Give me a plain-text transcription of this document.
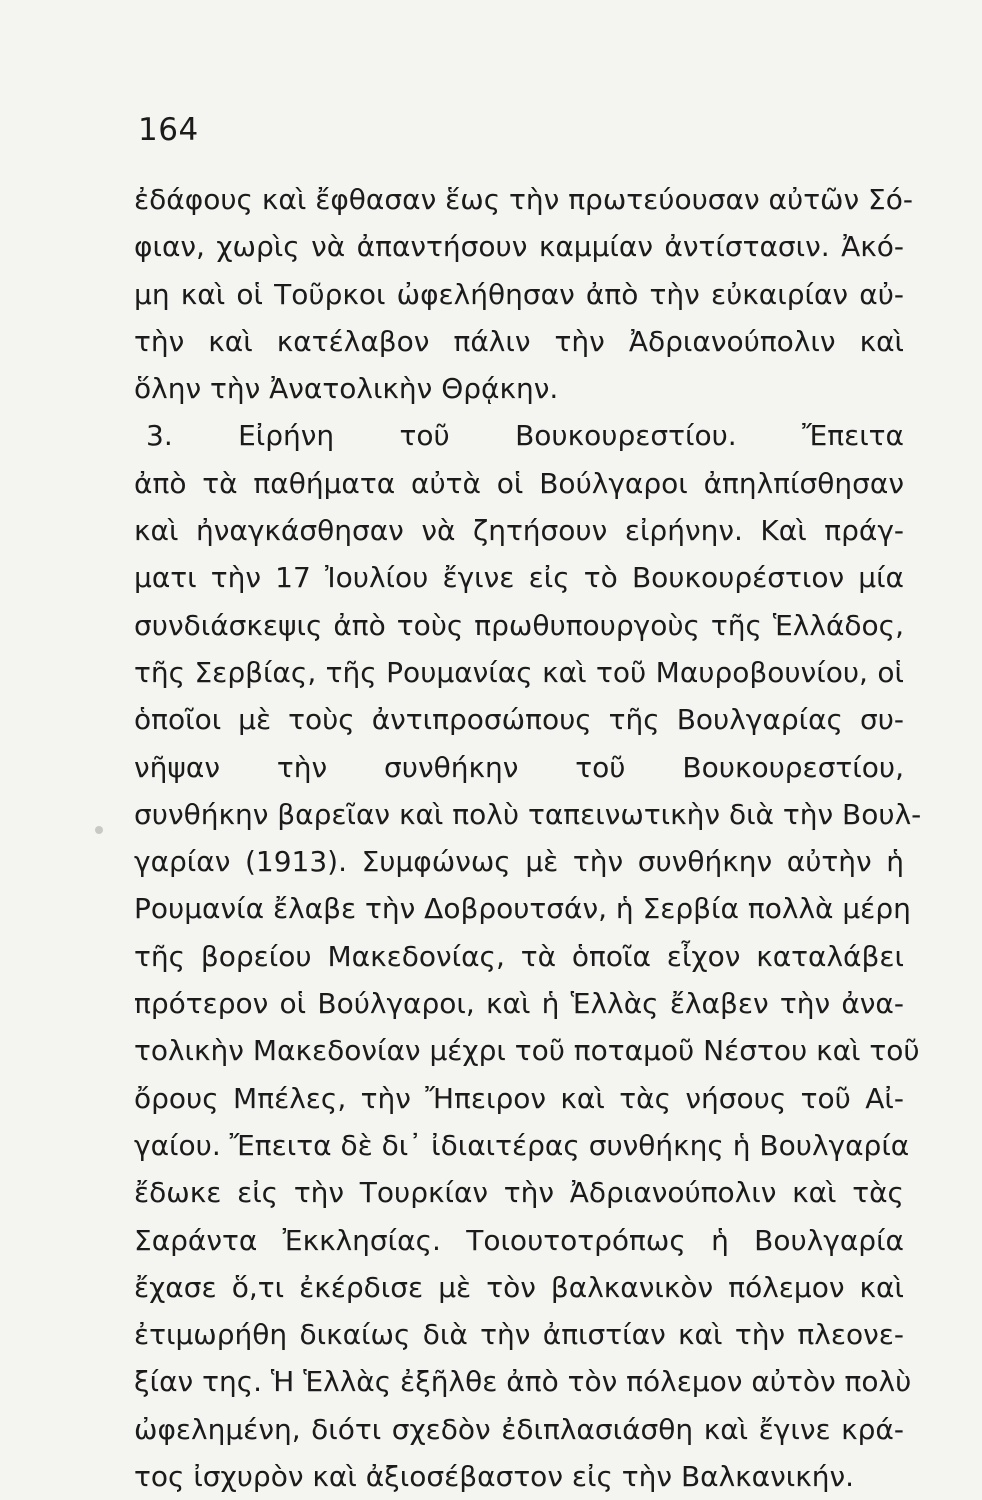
164
ἐδάφους καὶ ἔφθασαν ἕως τὴν πρωτεύουσαν αὐτῶν Σό-
φιαν, χωρὶς νὰ ἀπαντήσουν καμμίαν ἀντίστασιν. Ἀκό-
μη καὶ οἱ Τοῦρκοι ὠφελήθησαν ἀπὸ τὴν εὐκαιρίαν αὐ-
τὴν καὶ κατέλαβον πάλιν τὴν Ἀδριανούπολιν καὶ
ὅλην τὴν Ἀνατολικὴν Θρᾴκην.
3. Εἰρήνη τοῦ Βουκουρεστίου. Ἔπειτα
ἀπὸ τὰ παθήματα αὐτὰ οἱ Βούλγαροι ἀπηλπίσθησαν
καὶ ἠναγκάσθησαν νὰ ζητήσουν εἰρήνην. Καὶ πράγ-
ματι τὴν 17 Ἰουλίου ἔγινε εἰς τὸ Βουκουρέστιον μία
συνδιάσκεψις ἀπὸ τοὺς πρωθυπουργοὺς τῆς Ἑλλάδος,
τῆς Σερβίας, τῆς Ρουμανίας καὶ τοῦ Μαυροβουνίου, οἱ
ὁποῖοι μὲ τοὺς ἀντιπροσώπους τῆς Βουλγαρίας συ-
νῆψαν τὴν συνθήκην τοῦ Βουκουρεστίου,
συνθήκην βαρεῖαν καὶ πολὺ ταπεινωτικὴν διὰ τὴν Βουλ-
γαρίαν (1913). Συμφώνως μὲ τὴν συνθήκην αὐτὴν ἡ
Ρουμανία ἔλαβε τὴν Δοβρουτσάν, ἡ Σερβία πολλὰ μέρη
τῆς βορείου Μακεδονίας, τὰ ὁποῖα εἶχον καταλάβει
πρότερον οἱ Βούλγαροι, καὶ ἡ Ἑλλὰς ἔλαβεν τὴν ἀνα-
τολικὴν Μακεδονίαν μέχρι τοῦ ποταμοῦ Νέστου καὶ τοῦ
ὄρους Μπέλες, τὴν Ἤπειρον καὶ τὰς νήσους τοῦ Αἰ-
γαίου. Ἔπειτα δὲ δι᾽ ἰδιαιτέρας συνθήκης ἡ Βουλγαρία
ἔδωκε εἰς τὴν Τουρκίαν τὴν Ἀδριανούπολιν καὶ τὰς
Σαράντα Ἐκκλησίας. Τοιουτοτρόπως ἡ Βουλγαρία
ἔχασε ὅ,τι ἐκέρδισε μὲ τὸν βαλκανικὸν πόλεμον καὶ
ἐτιμωρήθη δικαίως διὰ τὴν ἀπιστίαν καὶ τὴν πλεονε-
ξίαν της. Ἡ Ἑλλὰς ἐξῆλθε ἀπὸ τὸν πόλεμον αὐτὸν πολὺ
ὠφελημένη, διότι σχεδὸν ἐδιπλασιάσθη καὶ ἔγινε κρά-
τος ἰσχυρὸν καὶ ἀξιοσέβαστον εἰς τὴν Βαλκανικήν.
